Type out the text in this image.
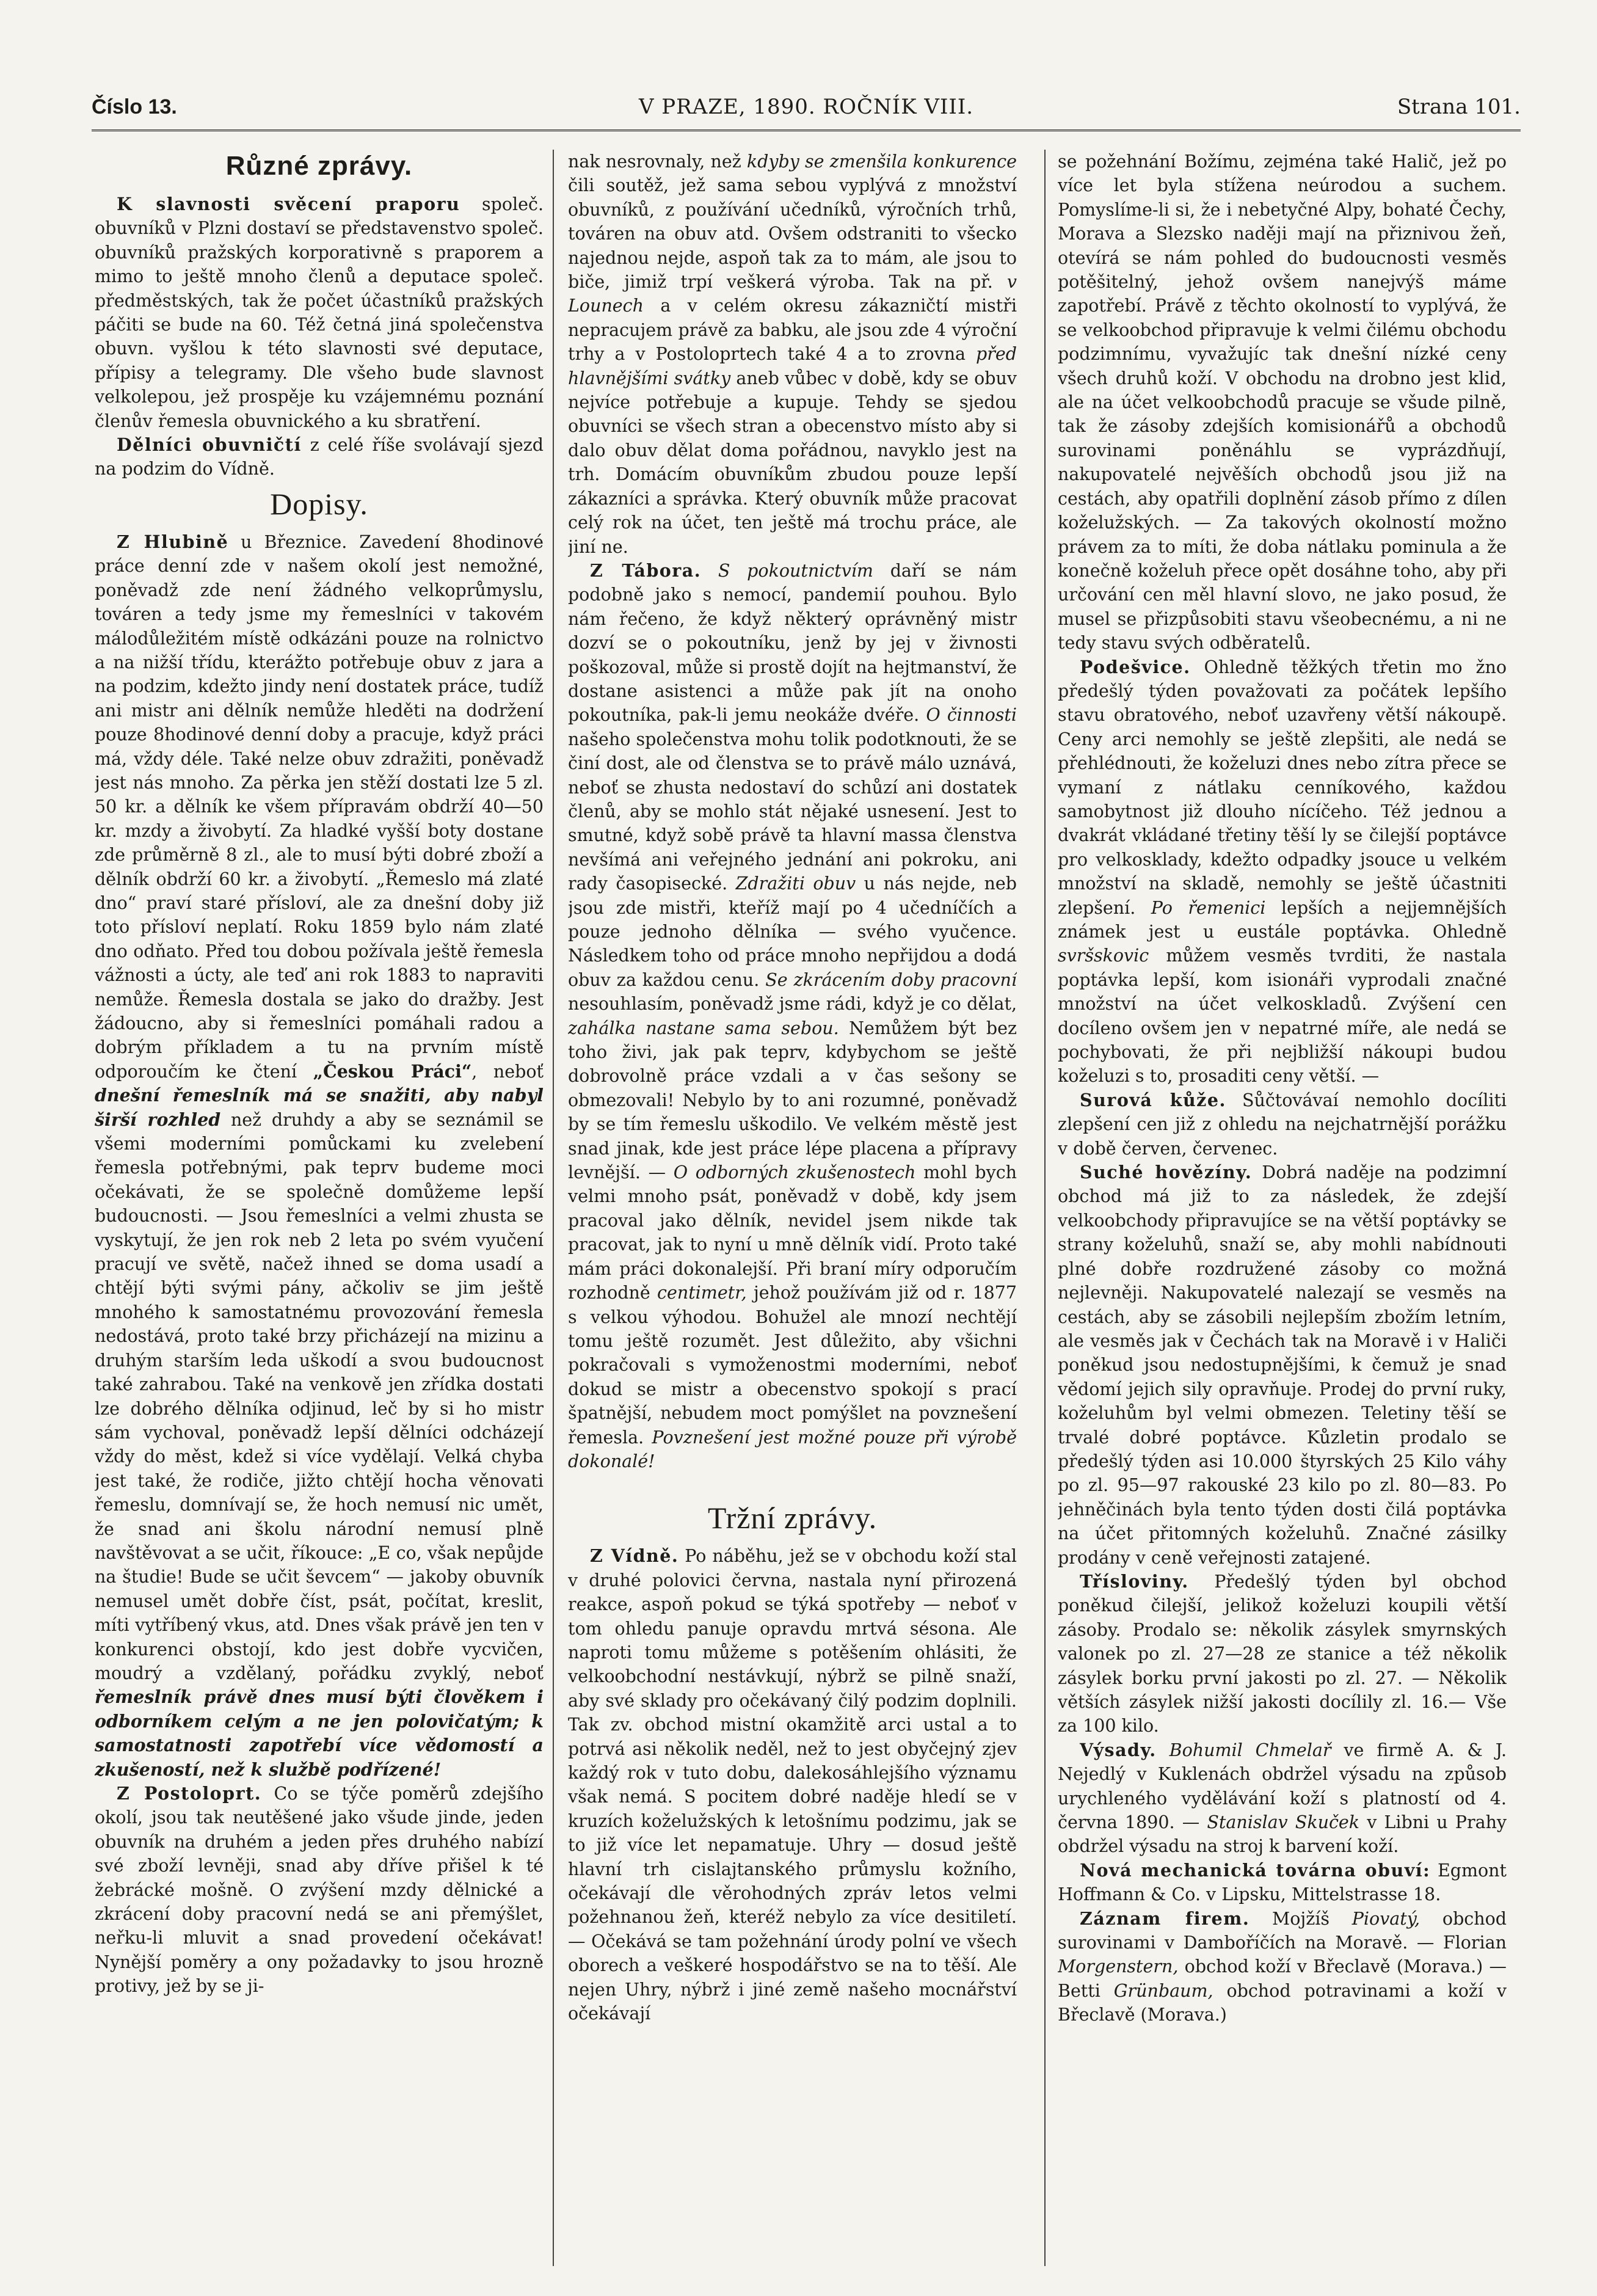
Číslo 13.	V PRAZE, 1890. ROČNÍK VIII.	Strana 101.
Různé zprávy.

K slavnosti svěcení praporu společ. obuvníků v Plzni dostaví se představenstvo společ. obuvníků pražských korporativně s praporem a mimo to ještě mnoho členů a deputace společ. předměstských, tak že počet účastníků pražských páčiti se bude na 60. Též četná jiná společenstva obuvn. vyšlou k této slavnosti své deputace, přípisy a telegramy. Dle všeho bude slavnost velkolepou, jež prospěje ku vzájemnému poznání členův řemesla obuvnického a ku sbratření.

Dělníci obuvničtí z celé říše svolávají sjezd na podzim do Vídně.

Dopisy.

Z Hlubině u Březnice. Zavedení 8hodinové práce denní zde v našem okolí jest nemožné, poněvadž zde není žádného velkoprůmyslu, továren a tedy jsme my řemeslníci v takovém málodůležitém místě odkázáni pouze na rolnictvo a na nižší třídu, kterážto potřebuje obuv z jara a na podzim, kdežto jindy není dostatek práce, tudíž ani mistr ani dělník nemůže hleděti na dodržení pouze 8hodinové denní doby a pracuje, když práci má, vždy déle. Také nelze obuv zdražiti, poněvadž jest nás mnoho. Za pěrka jen stěží dostati lze 5 zl. 50 kr. a dělník ke všem přípravám obdrží 40—50 kr. mzdy a živobytí. Za hladké vyšší boty dostane zde průměrně 8 zl., ale to musí býti dobré zboží a dělník obdrží 60 kr. a živobytí. „Řemeslo má zlaté dno“ praví staré přísloví, ale za dnešní doby již toto přísloví neplatí. Roku 1859 bylo nám zlaté dno odňato. Před tou dobou požívala ještě řemesla vážnosti a úcty, ale teď ani rok 1883 to napraviti nemůže. Řemesla dostala se jako do dražby. Jest žádoucno, aby si řemeslníci pomáhali radou a dobrým příkladem a tu na prvním místě odporoučím ke čtení „Českou Práci“, neboť dnešní řemeslník má se snažiti, aby nabyl širší rozhled než druhdy a aby se seznámil se všemi moderními pomůckami ku zvelebení řemesla potřebnými, pak teprv budeme moci očekávati, že se společně domůžeme lepší budoucnosti. — Jsou řemeslníci a velmi zhusta se vyskytují, že jen rok neb 2 leta po svém vyučení pracují ve světě, načež ihned se doma usadí a chtějí býti svými pány, ačkoliv se jim ještě mnohého k samostatnému provozování řemesla nedostává, proto také brzy přicházejí na mizinu a druhým starším leda uškodí a svou budoucnost také zahrabou. Také na venkově jen zřídka dostati lze dobrého dělníka odjinud, leč by si ho mistr sám vychoval, poněvadž lepší dělníci odcházejí vždy do měst, kdež si více vydělají. Velká chyba jest také, že rodiče, jižto chtějí hocha věnovati řemeslu, domnívají se, že hoch nemusí nic umět, že snad ani školu národní nemusí plně navštěvovat a se učit, říkouce: „E co, však nepůjde na študie! Bude se učit ševcem“ — jakoby obuvník nemusel umět dobře číst, psát, počítat, kreslit, míti vytříbený vkus, atd. Dnes však právě jen ten v konkurenci obstojí, kdo jest dobře vycvičen, moudrý a vzdělaný, pořádku zvyklý, neboť řemeslník právě dnes musí býti člověkem i odborníkem celým a ne jen polovičatým; k samostatnosti zapotřebí více vědomostí a zkušeností, než k službě podřízené!

Z Postoloprt. Co se týče poměrů zdejšího okolí, jsou tak neutěšené jako všude jinde, jeden obuvník na druhém a jeden přes druhého nabízí své zboží levněji, snad aby dříve přišel k té žebrácké mošně. O zvýšení mzdy dělnické a zkrácení doby pracovní nedá se ani přemýšlet, neřku-li mluvit a snad provedení očekávat! Nynější poměry a ony požadavky to jsou hrozně protivy, jež by se ji-

nak nesrovnaly, než kdyby se zmenšila konkurence čili soutěž, jež sama sebou vyplývá z množství obuvníků, z používání učedníků, výročních trhů, továren na obuv atd. Ovšem odstraniti to všecko najednou nejde, aspoň tak za to mám, ale jsou to biče, jimiž trpí veškerá výroba. Tak na př. v Lounech a v celém okresu zákazničtí mistři nepracujem právě za babku, ale jsou zde 4 výroční trhy a v Postoloprtech také 4 a to zrovna před hlavnějšími svátky aneb vůbec v době, kdy se obuv nejvíce potřebuje a kupuje. Tehdy se sjedou obuvníci se všech stran a obecenstvo místo aby si dalo obuv dělat doma pořádnou, navyklo jest na trh. Domácím obuvníkům zbudou pouze lepší zákazníci a správka. Který obuvník může pracovat celý rok na účet, ten ještě má trochu práce, ale jiní ne.

Z Tábora. S pokoutnictvím daří se nám podobně jako s nemocí, pandemií pouhou. Bylo nám řečeno, že když některý oprávněný mistr dozví se o pokoutníku, jenž by jej v živnosti poškozoval, může si prostě dojít na hejtmanství, že dostane asistenci a může pak jít na onoho pokoutníka, pak-li jemu neokáže dvéře. O činnosti našeho společenstva mohu tolik podotknouti, že se činí dost, ale od členstva se to právě málo uznává, neboť se zhusta nedostaví do schůzí ani dostatek členů, aby se mohlo stát nějaké usnesení. Jest to smutné, když sobě právě ta hlavní massa členstva nevšímá ani veřejného jednání ani pokroku, ani rady časopisecké. Zdražiti obuv u nás nejde, neb jsou zde mistři, kteříž mají po 4 učedníčích a pouze jednoho dělníka — svého vyučence. Následkem toho od práce mnoho nepřijdou a dodá obuv za každou cenu. Se zkrácením doby pracovní nesouhlasím, poněvadž jsme rádi, když je co dělat, zahálka nastane sama sebou. Nemůžem být bez toho živi, jak pak teprv, kdybychom se ještě dobrovolně práce vzdali a v čas sešony se obmezovali! Nebylo by to ani rozumné, poněvadž by se tím řemeslu uškodilo. Ve velkém městě jest snad jinak, kde jest práce lépe placena a přípravy levnější. — O odborných zkušenostech mohl bych velmi mnoho psát, poněvadž v době, kdy jsem pracoval jako dělník, nevidel jsem nikde tak pracovat, jak to nyní u mně dělník vidí. Proto také mám práci dokonalejší. Při braní míry odporučím rozhodně centimetr, jehož používám již od r. 1877 s velkou výhodou. Bohužel ale mnozí nechtějí tomu ještě rozumět. Jest důležito, aby všichni pokračovali s vymoženostmi moderními, neboť dokud se mistr a obecenstvo spokojí s prací špatnější, nebudem moct pomýšlet na povznešení řemesla. Povznešení jest možné pouze při výrobě dokonalé!

Tržní zprávy.

Z Vídně. Po náběhu, jež se v obchodu koží stal v druhé polovici června, nastala nyní přirozená reakce, aspoň pokud se týká spotřeby — neboť v tom ohledu panuje opravdu mrtvá sésona. Ale naproti tomu můžeme s potěšením ohlásiti, že velkoobchodní nestávkují, nýbrž se pilně snaží, aby své sklady pro očekávaný čilý podzim doplnili. Tak zv. obchod mistní okamžitě arci ustal a to potrvá asi několik neděl, než to jest obyčejný zjev každý rok v tuto dobu, dalekosáhlejšího významu však nemá. S pocitem dobré naděje hledí se v kruzích koželužských k letošnímu podzimu, jak se to již více let nepamatuje. Uhry — dosud ještě hlavní trh cislajtanského průmyslu kožního, očekávají dle věrohodných zpráv letos velmi požehnanou žeň, kteréž nebylo za více desitiletí. — Očekává se tam požehnání úrody polní ve všech oborech a veškeré hospodářstvo se na to těší. Ale nejen Uhry, nýbrž i jiné země našeho mocnářství očekávají

se požehnání Božímu, zejména také Halič, jež po více let byla stížena neúrodou a suchem. Pomyslíme-li si, že i nebetyčné Alpy, bohaté Čechy, Morava a Slezsko naději mají na přiznivou žeň, otevírá se nám pohled do budoucnosti vesměs potěšitelný, jehož ovšem nanejvýš máme zapotřebí. Právě z těchto okolností to vyplývá, že se velkoobchod připravuje k velmi čilému obchodu podzimnímu, vyvažujíc tak dnešní nízké ceny všech druhů koží. V obchodu na drobno jest klid, ale na účet velkoobchodů pracuje se všude pilně, tak že zásoby zdejších komisionářů a obchodů surovinami poněnáhlu se vyprázdňují, nakupovatelé nejvěších obchodů jsou již na cestách, aby opatřili doplnění zásob přímo z dílen koželužských. — Za takových okolností možno právem za to míti, že doba nátlaku pominula a že konečně koželuh přece opět dosáhne toho, aby při určování cen měl hlavní slovo, ne jako posud, že musel se přizpůsobiti stavu všeobecnému, a ni ne tedy stavu svých odběratelů.

Podešvice. Ohledně těžkých třetin mo žno předešlý týden považovati za počátek lepšího stavu obratového, neboť uzavřeny větší nákoupě. Ceny arci nemohly se ještě zlepšiti, ale nedá se přehlédnouti, že koželuzi dnes nebo zítra přece se vymaní z nátlaku cenníkového, každou samobytnost již dlouho nícíčeho. Též jednou a dvakrát vkládané třetiny těší ly se čilejší poptávce pro velkosklady, kdežto odpadky jsouce u velkém množství na skladě, nemohly se ještě účastniti zlepšení. Po řemenici lepších a nejjemnějších známek jest u eustále poptávka. Ohledně svršskovic můžem vesměs tvrditi, že nastala poptávka lepší, kom isionáři vyprodali značné množství na účet velkoskladů. Zvýšení cen docíleno ovšem jen v nepatrné míře, ale nedá se pochybovati, že při nejbližší nákoupi budou koželuzi s to, prosaditi ceny větší. —

Surová kůže. Sůčtovávaí nemohlo docíliti zlepšení cen již z ohledu na nejchatrnější porážku v době červen, červenec.

Suché hovězíny. Dobrá naděje na podzimní obchod má již to za následek, že zdejší velkoobchody připravujíce se na větší poptávky se strany koželuhů, snaží se, aby mohli nabídnouti plné dobře rozdružené zásoby co možná nejlevněji. Nakupovatelé nalezají se vesměs na cestách, aby se zásobili nejlepším zbožím letním, ale vesměs jak v Čechách tak na Moravě i v Haliči poněkud jsou nedostupnějšími, k čemuž je snad vědomí jejich sily opravňuje. Prodej do první ruky, koželuhům byl velmi obmezen. Teletiny těší se trvalé dobré poptávce. Kůzletin prodalo se předešlý týden asi 10.000 štyrských 25 Kilo váhy po zl. 95—97 rakouské 23 kilo po zl. 80—83. Po jehněčinách byla tento týden dosti čilá poptávka na účet přitomných koželuhů. Značné zásilky prodány v ceně veřejnosti zatajené.

Třísloviny. Předešlý týden byl obchod poněkud čilejší, jelikož koželuzi koupili větší zásoby. Prodalo se: několik zásylek smyrnských valonek po zl. 27—28 ze stanice a též několik zásylek borku první jakosti po zl. 27. — Několik větších zásylek nižší jakosti docílily zl. 16.— Vše za 100 kilo.

Výsady. Bohumil Chmelař ve firmě A. & J. Nejedlý v Kuklenách obdržel výsadu na způsob urychleného vydělávání koží s platností od 4. června 1890. — Stanislav Skuček v Libni u Prahy obdržel výsadu na stroj k barvení koží.

Nová mechanická továrna obuví: Egmont Hoffmann & Co. v Lipsku, Mittelstrasse 18.

Záznam firem. Mojžíš Piovatý, obchod surovinami v Damboříčích na Moravě. — Florian Morgenstern, obchod koží v Břeclavě (Morava.) — Betti Grünbaum, obchod potravinami a koží v Břeclavě (Morava.)
